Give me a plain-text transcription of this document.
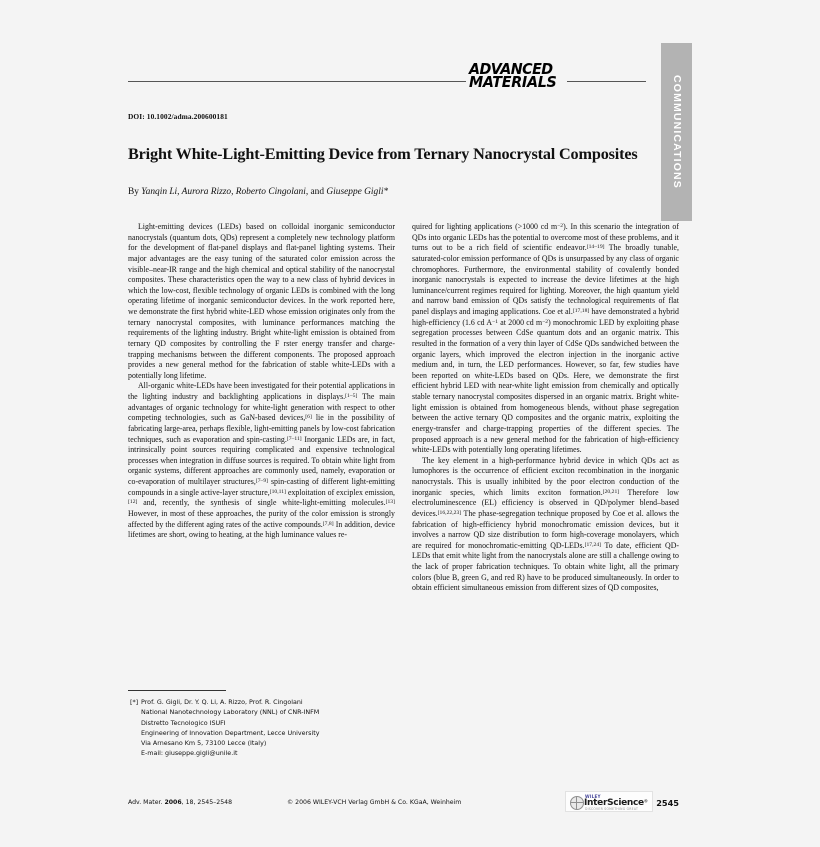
COMMUNICATIONS
ADVANCED
MATERIALS
DOI: 10.1002/adma.200600181
Bright White-Light-Emitting Device from Ternary Nanocrystal Composites
By Yanqin Li, Aurora Rizzo, Roberto Cingolani, and Giuseppe Gigli*

Light-emitting devices (LEDs) based on colloidal inorganic semiconductor nanocrystals (quantum dots, QDs) represent a completely new technology platform for the development of flat-panel displays and flat-panel lighting systems. Their major advantages are the easy tuning of the saturated color emission across the visible–near-IR range and the high chemical and optical stability of the nanocrystal composites. These characteristics open the way to a new class of hybrid devices in which the low-cost, flexible technology of organic LEDs is combined with the long operating lifetime of inorganic semiconductor devices. In the work reported here, we demonstrate the first hybrid white-LED whose emission originates only from the ternary nanocrystal composites, with luminance performances matching the requirements of the lighting industry. Bright white-light emission is obtained from ternary QD composites by controlling the F rster energy transfer and charge-trapping mechanisms between the different components. The proposed approach provides a new general method for the fabrication of stable white-LEDs with a potentially long lifetime.

All-organic white-LEDs have been investigated for their potential applications in the lighting industry and backlighting applications in displays.[1–5] The main advantages of organic technology for white-light generation with respect to other competing technologies, such as GaN-based devices,[6] lie in the possibility of fabricating large-area, perhaps flexible, light-emitting panels by low-cost fabrication techniques, such as evaporation and spin-casting.[7–11] Inorganic LEDs are, in fact, intrinsically point sources requiring complicated and expensive technological processes when integration in diffuse sources is required. To obtain white light from organic systems, different approaches are commonly used, namely, evaporation or co-evaporation of multilayer structures,[7–9] spin-casting of different light-emitting compounds in a single active-layer structure,[10,11] exploitation of exciplex emission,[12] and, recently, the synthesis of single white-light-emitting molecules.[13] However, in most of these approaches, the purity of the color emission is strongly affected by the different aging rates of the active compounds.[7,8] In addition, device lifetimes are short, owing to heating, at the high luminance values re-

quired for lighting applications (>1000 cd $m^{-2}$). In this scenario the integration of QDs into organic LEDs has the potential to overcome most of these problems, and it turns out to be a rich field of scientific endeavor.[14–19] The broadly tunable, saturated-color emission performance of QDs is unsurpassed by any class of organic chromophores. Furthermore, the environmental stability of covalently bonded inorganic nanocrystals is expected to increase the device lifetimes at the high luminance/current regimes required for lighting. Moreover, the high quantum yield and narrow band emission of QDs satisfy the technological requirements of flat panel displays and imaging applications. Coe et al.[17,18] have demonstrated a hybrid high-efficiency (1.6 cd $A^{-1}$ at 2000 cd $m^{-2}$) monochromic LED by exploiting phase segregation processes between CdSe quantum dots and an organic matrix. This resulted in the formation of a very thin layer of CdSe QDs sandwiched between the organic layers, which improved the electron injection in the inorganic active medium and, in turn, the LED performances. However, so far, few studies have been reported on white-LEDs based on QDs. Here, we demonstrate the first efficient hybrid LED with near-white light emission from chemically and optically stable ternary nanocrystal composites dispersed in an organic matrix. Bright white-light emission is obtained from homogeneous blends, without phase segregation between the active ternary QD composites and the organic matrix, exploiting the energy-transfer and charge-trapping properties of the different species. The proposed approach is a new general method for the fabrication of high-efficiency white-LEDs with potentially long operating lifetimes.

The key element in a high-performance hybrid device in which QDs act as lumophores is the occurrence of efficient exciton recombination in the inorganic nanocrystals. This is usually inhibited by the poor electron conduction of the inorganic species, which limits exciton formation.[20,21] Therefore low electroluminescence (EL) efficiency is observed in QD/polymer blend–based devices.[16,22,23] The phase-segregation technique proposed by Coe et al. allows the fabrication of high-efficiency hybrid monochromatic emission devices, but it involves a narrow QD size distribution to form high-coverage monolayers, which are required for monochromatic-emitting QD-LEDs.[17,24] To date, efficient QD-LEDs that emit white light from the nanocrystals alone are still a challenge owing to the lack of proper fabrication techniques. To obtain white light, all the primary colors (blue B, green G, and red R) have to be produced simultaneously. In order to obtain efficient simultaneous emission from different sizes of QD composites,

[*] Prof. G. Gigli, Dr. Y. Q. Li, A. Rizzo, Prof. R. Cingolani
National Nanotechnology Laboratory (NNL) of CNR-INFM
Distretto Tecnologico ISUFI
Engineering of Innovation Department, Lecce University
Via Arnesano Km 5, 73100 Lecce (Italy)
E-mail: giuseppe.gigli@unile.it
Adv. Mater. 2006, 18, 2545–2548	© 2006 WILEY-VCH Verlag GmbH & Co. KGaA, Weinheim
WILEY
InterScience®
DISCOVER SOMETHING GREAT
2545
